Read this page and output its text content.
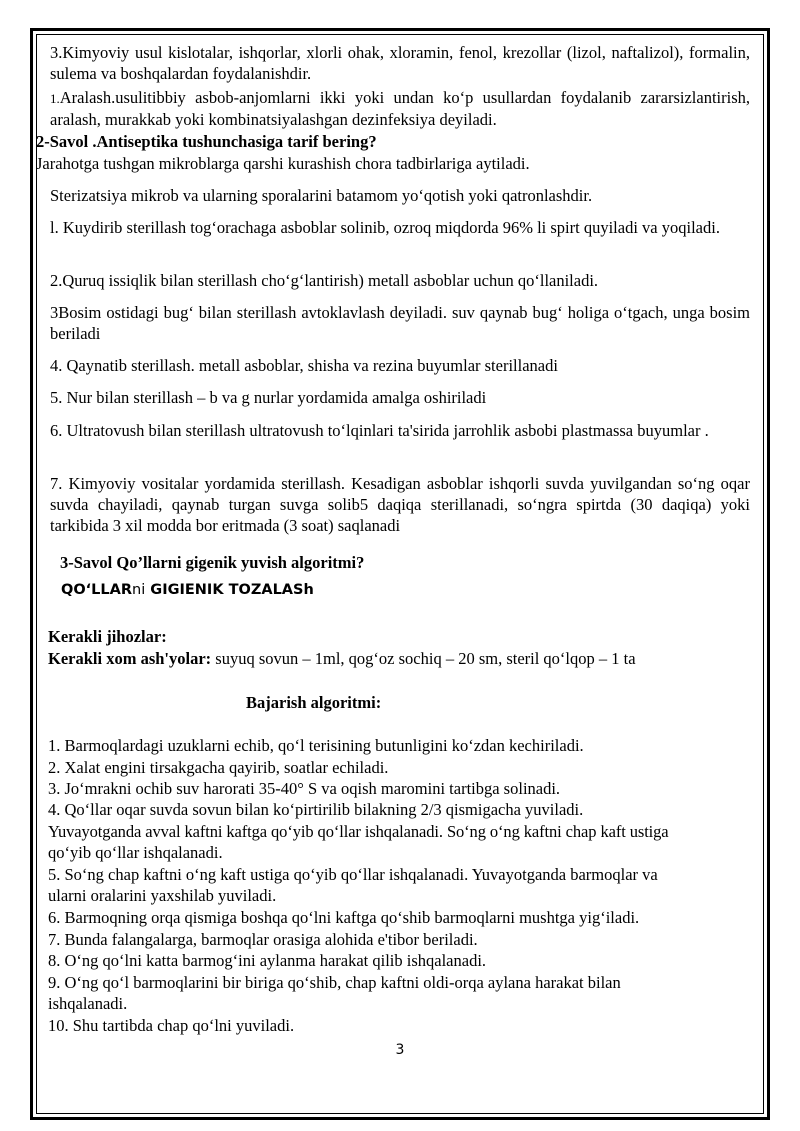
3.Kimyoviy usul kislotalar, ishqorlar, xlorli ohak, xloramin, fenol, krezollar (lizol, naftalizol), formalin, sulema va boshqalardan foydalanishdir.
1.Aralash.usulitibbiy asbob-anjomlarni ikki yoki undan ko‘p usullardan foydalanib zararsizlantirish, aralash, murakkab yoki kombinatsiyalashgan dezinfeksiya deyiladi.
2-Savol .Antiseptika tushunchasiga tarif bering?
Jarahotga tushgan mikroblarga qarshi kurashish chora tadbirlariga aytiladi.
Sterizatsiya mikrob va ularning sporalarini batamom yo‘qotish yoki qatronlashdir.
l. Kuydirib sterillash tog‘orachaga asboblar solinib, ozroq miqdorda 96% li spirt quyiladi va yoqiladi.
2.Quruq issiqlik bilan sterillash cho‘g‘lantirish) metall asboblar uchun qo‘llaniladi.
3Bosim ostidagi bug‘ bilan sterillash avtoklavlash deyiladi. suv qaynab bug‘ holiga o‘tgach, unga bosim beriladi
4. Qaynatib sterillash. metall asboblar, shisha va rezina buyumlar sterillanadi
5. Nur bilan sterillash – b va g nurlar yordamida amalga oshiriladi
6. Ultratovush bilan sterillash ultratovush to‘lqinlari ta'sirida jarrohlik asbobi plastmassa buyumlar .
7. Kimyoviy vositalar yordamida sterillash. Kesadigan asboblar ishqorli suvda yuvilgandan so‘ng oqar suvda chayiladi, qaynab turgan suvga solib5 daqiqa sterillanadi, so‘ngra spirtda (30 daqiqa) yoki tarkibida 3 xil modda bor eritmada (3 soat) saqlanadi
3-Savol Qo’llarni gigenik yuvish algoritmi?
QO‘LLARni GIGIENIK TOZALASh
Kerakli jihozlar:
Kerakli xom ash'yolar: suyuq sovun – 1ml, qog‘oz sochiq – 20 sm, steril qo‘lqop – 1 ta
Bajarish algoritmi:
1. Barmoqlardagi uzuklarni echib, qo‘l terisining butunligini ko‘zdan kechiriladi.
2. Xalat engini tirsakgacha qayirib, soatlar echiladi.
3. Jo‘mrakni ochib suv harorati 35-40° S va oqish maromini tartibga solinadi.
4. Qo‘llar oqar suvda sovun bilan ko‘pirtirilib bilakning 2/3 qismigacha yuviladi.
Yuvayotganda avval kaftni kaftga qo‘yib qo‘llar ishqalanadi. So‘ng o‘ng kaftni chap kaft ustiga
qo‘yib qo‘llar ishqalanadi.
5. So‘ng chap kaftni o‘ng kaft ustiga qo‘yib qo‘llar ishqalanadi. Yuvayotganda barmoqlar va
ularni oralarini yaxshilab yuviladi.
6. Barmoqning orqa qismiga boshqa qo‘lni kaftga qo‘shib barmoqlarni mushtga yig‘iladi.
7. Bunda falangalarga, barmoqlar orasiga alohida e'tibor beriladi.
8. O‘ng qo‘lni katta barmog‘ini aylanma harakat qilib ishqalanadi.
9. O‘ng qo‘l barmoqlarini bir biriga qo‘shib, chap kaftni oldi-orqa aylana harakat bilan
ishqalanadi.
10. Shu tartibda chap qo‘lni yuviladi.
3
